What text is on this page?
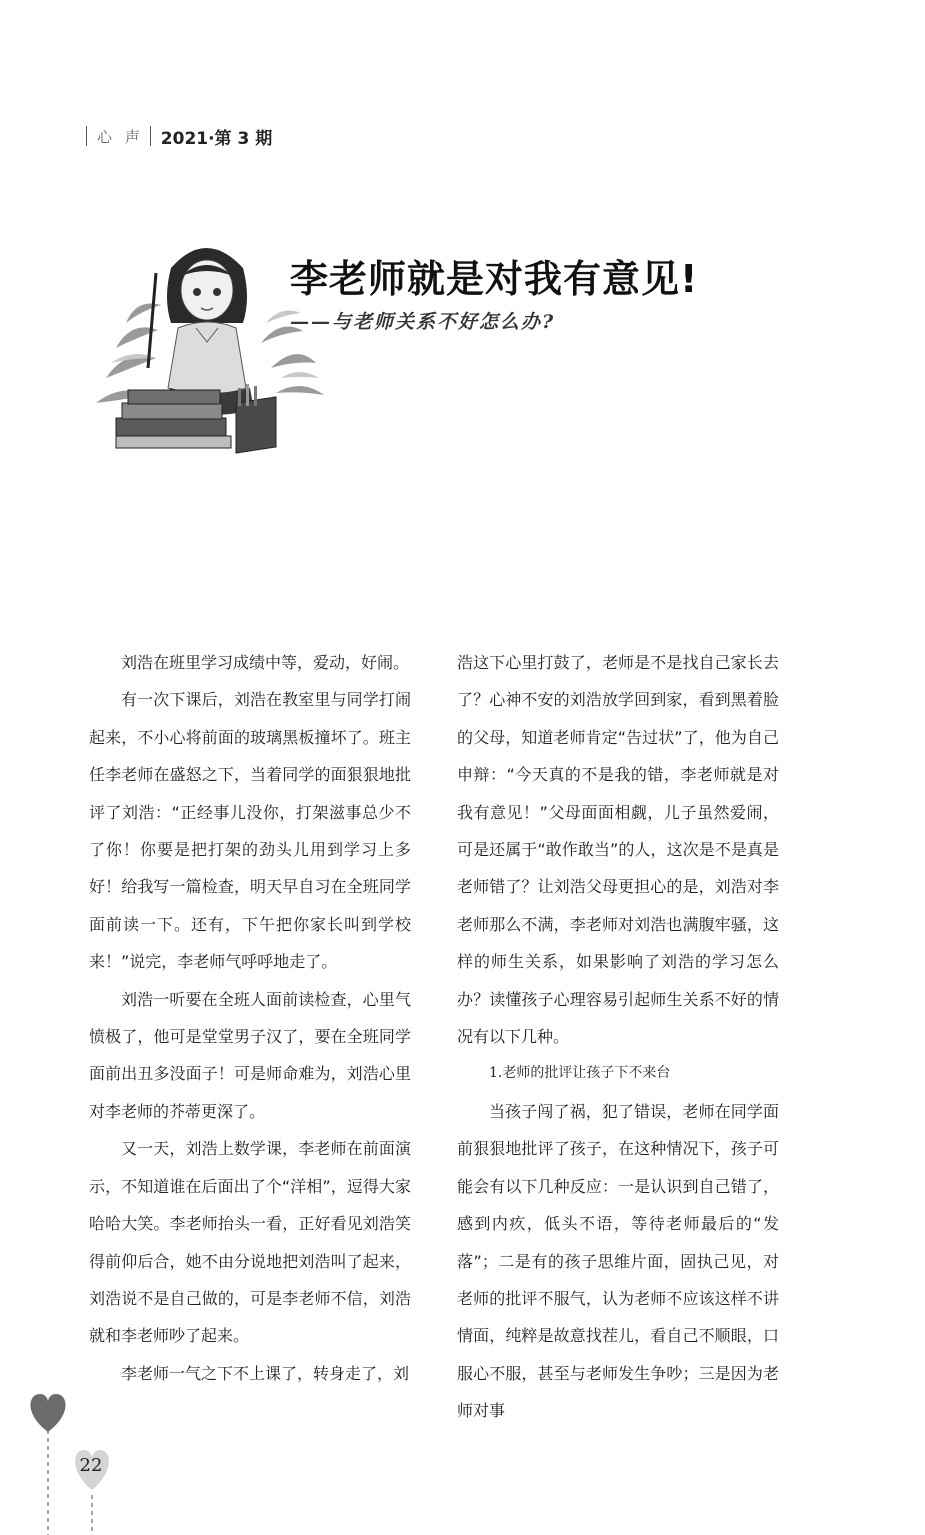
心 声	2021·第 3 期
李老师就是对我有意见!
——与老师关系不好怎么办?

刘浩在班里学习成绩中等，爱动，好闹。

有一次下课后，刘浩在教室里与同学打闹起来，不小心将前面的玻璃黑板撞坏了。班主任李老师在盛怒之下，当着同学的面狠狠地批评了刘浩：“正经事儿没你，打架滋事总少不了你！你要是把打架的劲头儿用到学习上多好！给我写一篇检查，明天早自习在全班同学面前读一下。还有，下午把你家长叫到学校来！”说完，李老师气呼呼地走了。

刘浩一听要在全班人面前读检查，心里气愤极了，他可是堂堂男子汉了，要在全班同学面前出丑多没面子！可是师命难为，刘浩心里对李老师的芥蒂更深了。

又一天，刘浩上数学课，李老师在前面演示，不知道谁在后面出了个“洋相”，逗得大家哈哈大笑。李老师抬头一看，正好看见刘浩笑得前仰后合，她不由分说地把刘浩叫了起来，刘浩说不是自己做的，可是李老师不信，刘浩就和李老师吵了起来。

李老师一气之下不上课了，转身走了，刘

浩这下心里打鼓了，老师是不是找自己家长去了？心神不安的刘浩放学回到家，看到黑着脸的父母，知道老师肯定“告过状”了，他为自己申辩：“今天真的不是我的错，李老师就是对我有意见！”父母面面相觑，儿子虽然爱闹，可是还属于“敢作敢当”的人，这次是不是真是老师错了？让刘浩父母更担心的是，刘浩对李老师那么不满，李老师对刘浩也满腹牢骚，这样的师生关系，如果影响了刘浩的学习怎么办？读懂孩子心理容易引起师生关系不好的情况有以下几种。

1.老师的批评让孩子下不来台

当孩子闯了祸，犯了错误，老师在同学面前狠狠地批评了孩子，在这种情况下，孩子可能会有以下几种反应：一是认识到自己错了，感到内疚，低头不语，等待老师最后的“发落”；二是有的孩子思维片面，固执己见，对老师的批评不服气，认为老师不应该这样不讲情面，纯粹是故意找茬儿，看自己不顺眼，口服心不服，甚至与老师发生争吵；三是因为老师对事

22
